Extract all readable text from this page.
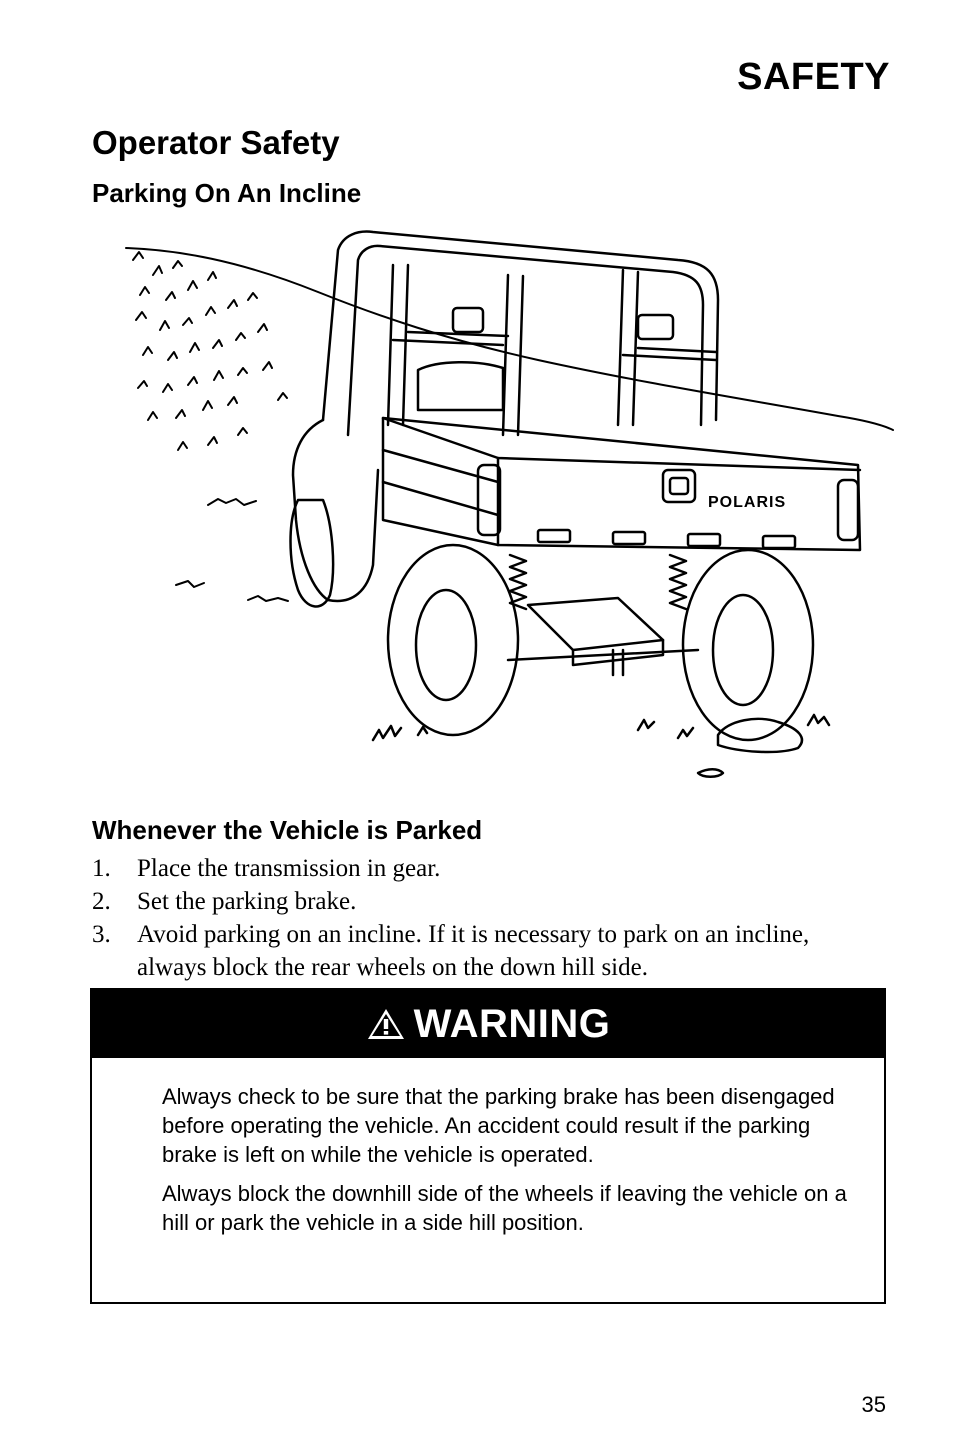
SAFETY
Operator Safety
Parking On An Incline
POLARIS
Whenever the Vehicle is Parked
1. Place the transmission in gear.
2. Set the parking brake.
3. Avoid parking on an incline. If it is necessary to park on an incline, always block the rear wheels on the down hill side.
WARNING

Always check to be sure that the parking brake has been disengaged before operating the vehicle. An accident could result if the parking brake is left on while the vehicle is operated.

Always block the downhill side of the wheels if leaving the vehicle on a hill or park the vehicle in a side hill position.

35
